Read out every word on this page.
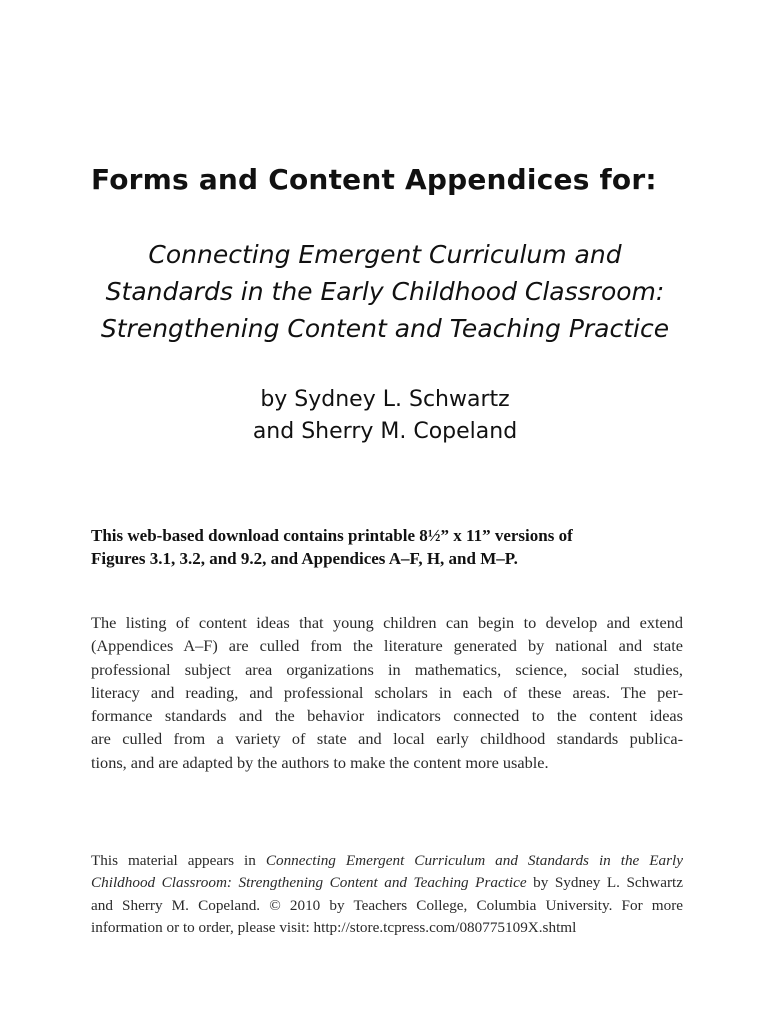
Forms and Content Appendices for:
Connecting Emergent Curriculum and
Standards in the Early Childhood Classroom:
Strengthening Content and Teaching Practice
by Sydney L. Schwartz
and Sherry M. Copeland
This web-based download contains printable 8½” x 11” versions of
Figures 3.1, 3.2, and 9.2, and Appendices A–F, H, and M–P.
The listing of content ideas that young children can begin to develop and extend
(Appendices A–F) are culled from the literature generated by national and state
professional subject area organizations in mathematics, science, social studies,
literacy and reading, and professional scholars in each of these areas. The per-
formance standards and the behavior indicators connected to the content ideas
are culled from a variety of state and local early childhood standards publica-
tions, and are adapted by the authors to make the content more usable.
This material appears in Connecting Emergent Curriculum and Standards in the Early
Childhood Classroom: Strengthening Content and Teaching Practice by Sydney L. Schwartz
and Sherry M. Copeland. © 2010 by Teachers College, Columbia University. For more
information or to order, please visit: http://store.tcpress.com/080775109X.shtml
